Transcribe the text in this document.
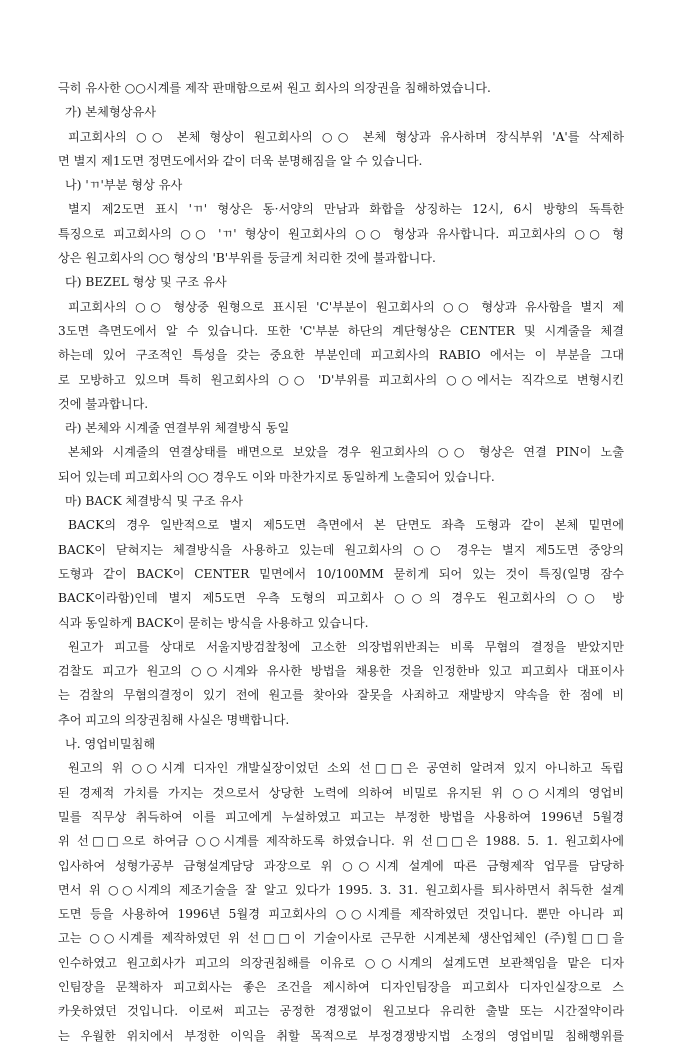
극히 유사한 ○○시계를 제작 판매함으로써 원고 회사의 의장권을 침해하였습니다.
가) 본체형상유사
피고회사의 ○○ 본체 형상이 원고회사의 ○○ 본체 형상과 유사하며 장식부위 'A'를 삭제하
면 별지 제1도면 정면도에서와 같이 더욱 분명해짐을 알 수 있습니다.
나) 'ㄲ'부분 형상 유사
별지 제2도면 표시 'ㄲ' 형상은 동·서양의 만남과 화합을 상징하는 12시, 6시 방향의 독특한
특징으로 피고회사의 ○○ 'ㄲ' 형상이 원고회사의 ○○ 형상과 유사합니다. 피고회사의 ○○ 형
상은 원고회사의 ○○ 형상의 'B'부위를 둥글게 처리한 것에 불과합니다.
다) BEZEL 형상 및 구조 유사
피고회사의 ○○ 형상중 원형으로 표시된 'C'부분이 원고회사의 ○○ 형상과 유사함을 별지 제
3도면 측면도에서 알 수 있습니다. 또한 'C'부분 하단의 계단형상은 CENTER 및 시계줄을 체결
하는데 있어 구조적인 특성을 갖는 중요한 부분인데 피고회사의 RABIO 에서는 이 부분을 그대
로 모방하고 있으며 특히 원고회사의 ○○ 'D'부위를 피고회사의 ○○에서는 직각으로 변형시킨
것에 불과합니다.
라) 본체와 시계줄 연결부위 체결방식 동일
본체와 시계줄의 연결상태를 배면으로 보았을 경우 원고회사의 ○○ 형상은 연결 PIN이 노출
되어 있는데 피고회사의 ○○ 경우도 이와 마찬가지로 동일하게 노출되어 있습니다.
마) BACK 체결방식 및 구조 유사
BACK의 경우 일반적으로 별지 제5도면 측면에서 본 단면도 좌측 도형과 같이 본체 밑면에
BACK이 닫혀지는 체결방식을 사용하고 있는데 원고회사의 ○○ 경우는 별지 제5도면 중앙의
도형과 같이 BACK이 CENTER 밑면에서 10/100MM 묻히게 되어 있는 것이 특징(일명 잠수
BACK이라함)인데 별지 제5도면 우측 도형의 피고회사 ○○의 경우도 원고회사의 ○○ 방
식과 동일하게 BACK이 묻히는 방식을 사용하고 있습니다.
원고가 피고를 상대로 서울지방검찰청에 고소한 의장법위반죄는 비록 무혐의 결정을 받았지만
검찰도 피고가 원고의 ○○시계와 유사한 방법을 채용한 것을 인정한바 있고 피고회사 대표이사
는 검찰의 무혐의결정이 있기 전에 원고를 찾아와 잘못을 사죄하고 재발방지 약속을 한 점에 비
추어 피고의 의장권침해 사실은 명백합니다.
나. 영업비밀침해
원고의 위 ○○시계 디자인 개발실장이었던 소외 선□□은 공연히 알려져 있지 아니하고 독립
된 경제적 가치를 가지는 것으로서 상당한 노력에 의하여 비밀로 유지된 위 ○○시계의 영업비
밀를 직무상 취득하여 이를 피고에게 누설하였고 피고는 부정한 방법을 사용하여 1996년 5월경
위 선□□으로 하여금 ○○시계를 제작하도록 하였습니다. 위 선□□은 1988. 5. 1. 원고회사에
입사하여 성형가공부 금형설계담당 과장으로 위 ○○시계 설계에 따른 금형제작 업무를 담당하
면서 위 ○○시계의 제조기술을 잘 알고 있다가 1995. 3. 31. 원고회사를 퇴사하면서 취득한 설계
도면 등을 사용하여 1996년 5월경 피고회사의 ○○시계를 제작하였던 것입니다. 뿐만 아니라 피
고는 ○○시계를 제작하였던 위 선□□이 기술이사로 근무한 시계본체 생산업체인 (주)힐□□을
인수하였고 원고회사가 피고의 의장권침해를 이유로 ○○시계의 설계도면 보관책임을 맡은 디자
인팀장을 문책하자 피고회사는 좋은 조건을 제시하여 디자인팀장을 피고회사 디자인실장으로 스
카웃하였던 것입니다. 이로써 피고는 공정한 경쟁없이 원고보다 유리한 출발 또는 시간절약이라
는 우월한 위치에서 부정한 이익을 취할 목적으로 부정경쟁방지법 소정의 영업비밀 침해행위를
